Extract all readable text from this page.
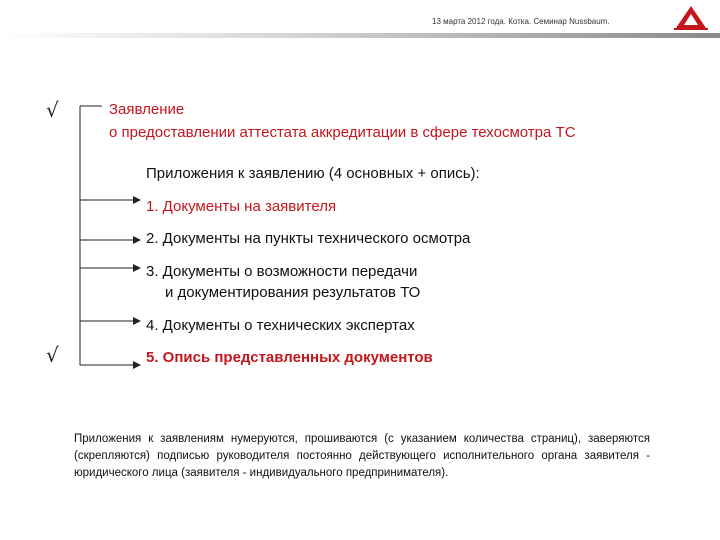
13 марта 2012 года. Котка. Семинар Nussbaum.
√
√
Заявление
о предоставлении аттестата аккредитации в сфере техосмотра ТС
Приложения к заявлению (4 основных + опись):
1. Документы на заявителя
2. Документы на пункты технического осмотра
3. Документы о возможности передачи
и документирования результатов ТО
4. Документы о технических экспертах
5. Опись представленных документов
Приложения к заявлениям нумеруются, прошиваются (с указанием количества страниц), заверяются (скрепляются) подписью руководителя постоянно действующего исполнительного органа заявителя - юридического лица (заявителя - индивидуального предпринимателя).
